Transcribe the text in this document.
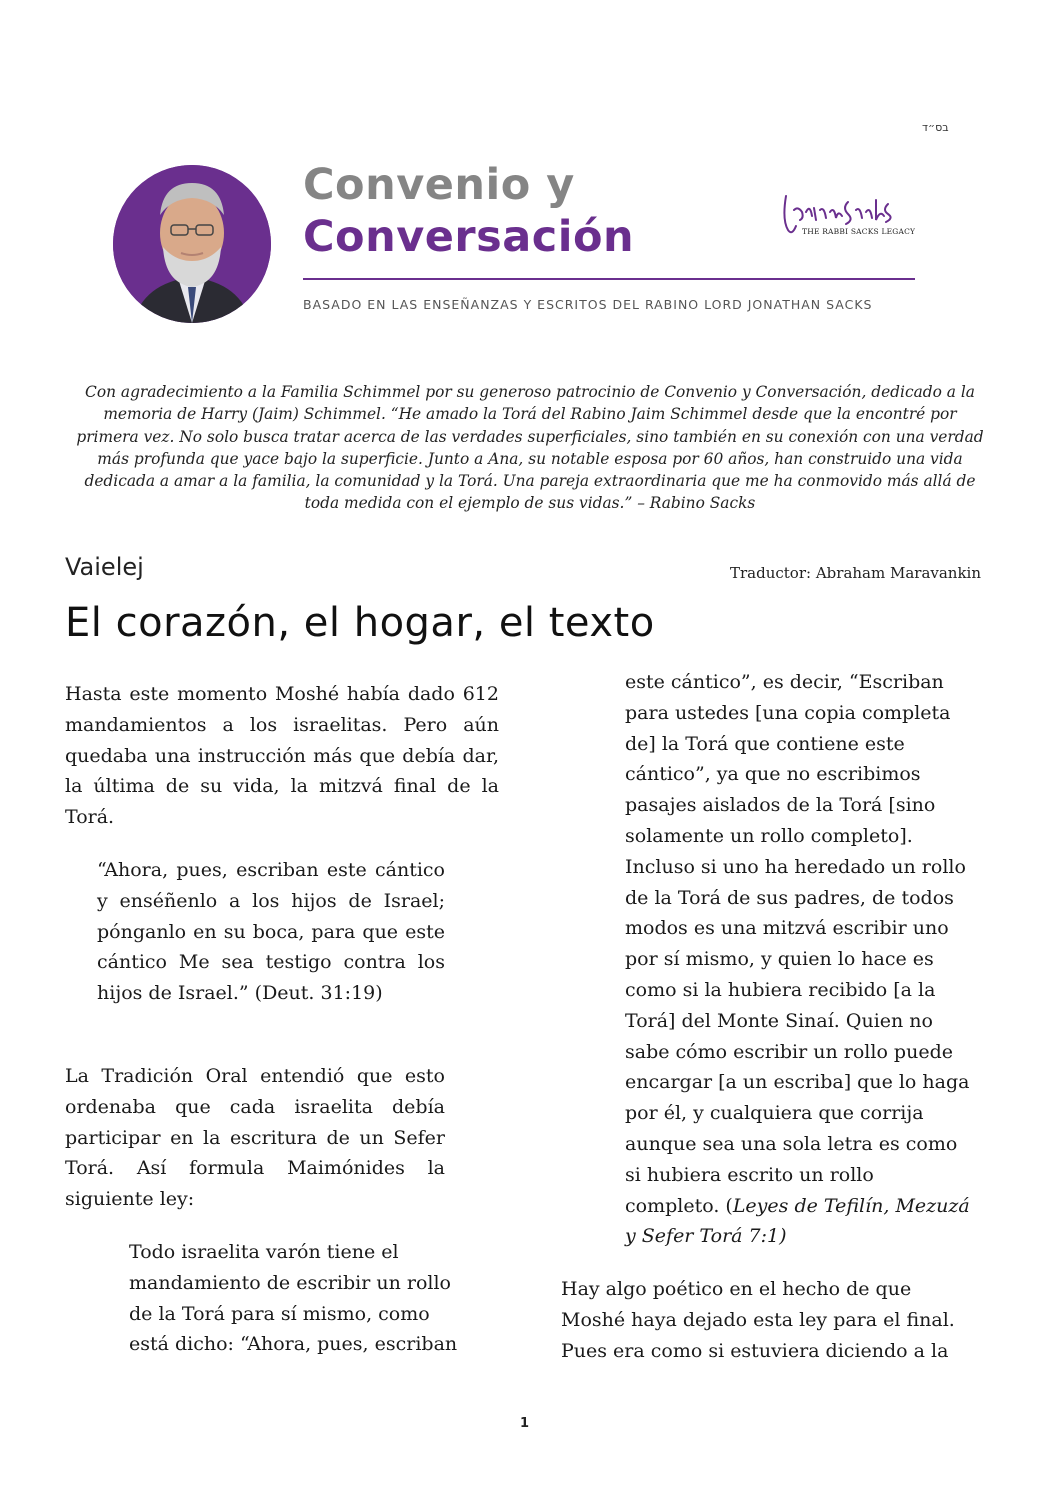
בס״ד
Convenio y
Conversación
BASADO EN LAS ENSEÑANZAS Y ESCRITOS DEL RABINO LORD JONATHAN SACKS
THE RABBI SACKS LEGACY
Con agradecimiento a la Familia Schimmel por su generoso patrocinio de Convenio y Conversación, dedicado a la memoria de Harry (Jaim) Schimmel. “He amado la Torá del Rabino Jaim Schimmel desde que la encontré por primera vez. No solo busca tratar acerca de las verdades superficiales, sino también en su conexión con una verdad más profunda que yace bajo la superficie. Junto a Ana, su notable esposa por 60 años, han construido una vida dedicada a amar a la familia, la comunidad y la Torá. Una pareja extraordinaria que me ha conmovido más allá de toda medida con el ejemplo de sus vidas.” – Rabino Sacks
Vaielej	Traductor: Abraham Maravankin
El corazón, el hogar, el texto
Hasta este momento Moshé había dado 612 mandamientos a los israelitas. Pero aún quedaba una instrucción más que debía dar, la última de su vida, la mitzvá final de la Torá.
“Ahora, pues, escriban este cántico y enséñenlo a los hijos de Israel; pónganlo en su boca, para que este cántico Me sea testigo contra los hijos de Israel.” (Deut. 31:19)
La Tradición Oral entendió que esto ordenaba que cada israelita debía participar en la escritura de un Sefer Torá. Así formula Maimónides la siguiente ley:
Todo israelita varón tiene el
mandamiento de escribir un rollo
de la Torá para sí mismo, como
está dicho: “Ahora, pues, escriban
este cántico”, es decir, “Escriban
para ustedes [una copia completa
de] la Torá que contiene este
cántico”, ya que no escribimos
pasajes aislados de la Torá [sino
solamente un rollo completo].
Incluso si uno ha heredado un rollo
de la Torá de sus padres, de todos
modos es una mitzvá escribir uno
por sí mismo, y quien lo hace es
como si la hubiera recibido [a la
Torá] del Monte Sinaí. Quien no
sabe cómo escribir un rollo puede
encargar [a un escriba] que lo haga
por él, y cualquiera que corrija
aunque sea una sola letra es como
si hubiera escrito un rollo
completo. (Leyes de Tefilín, Mezuzá
y Sefer Torá 7:1)
Hay algo poético en el hecho de que
Moshé haya dejado esta ley para el final.
Pues era como si estuviera diciendo a la
1
